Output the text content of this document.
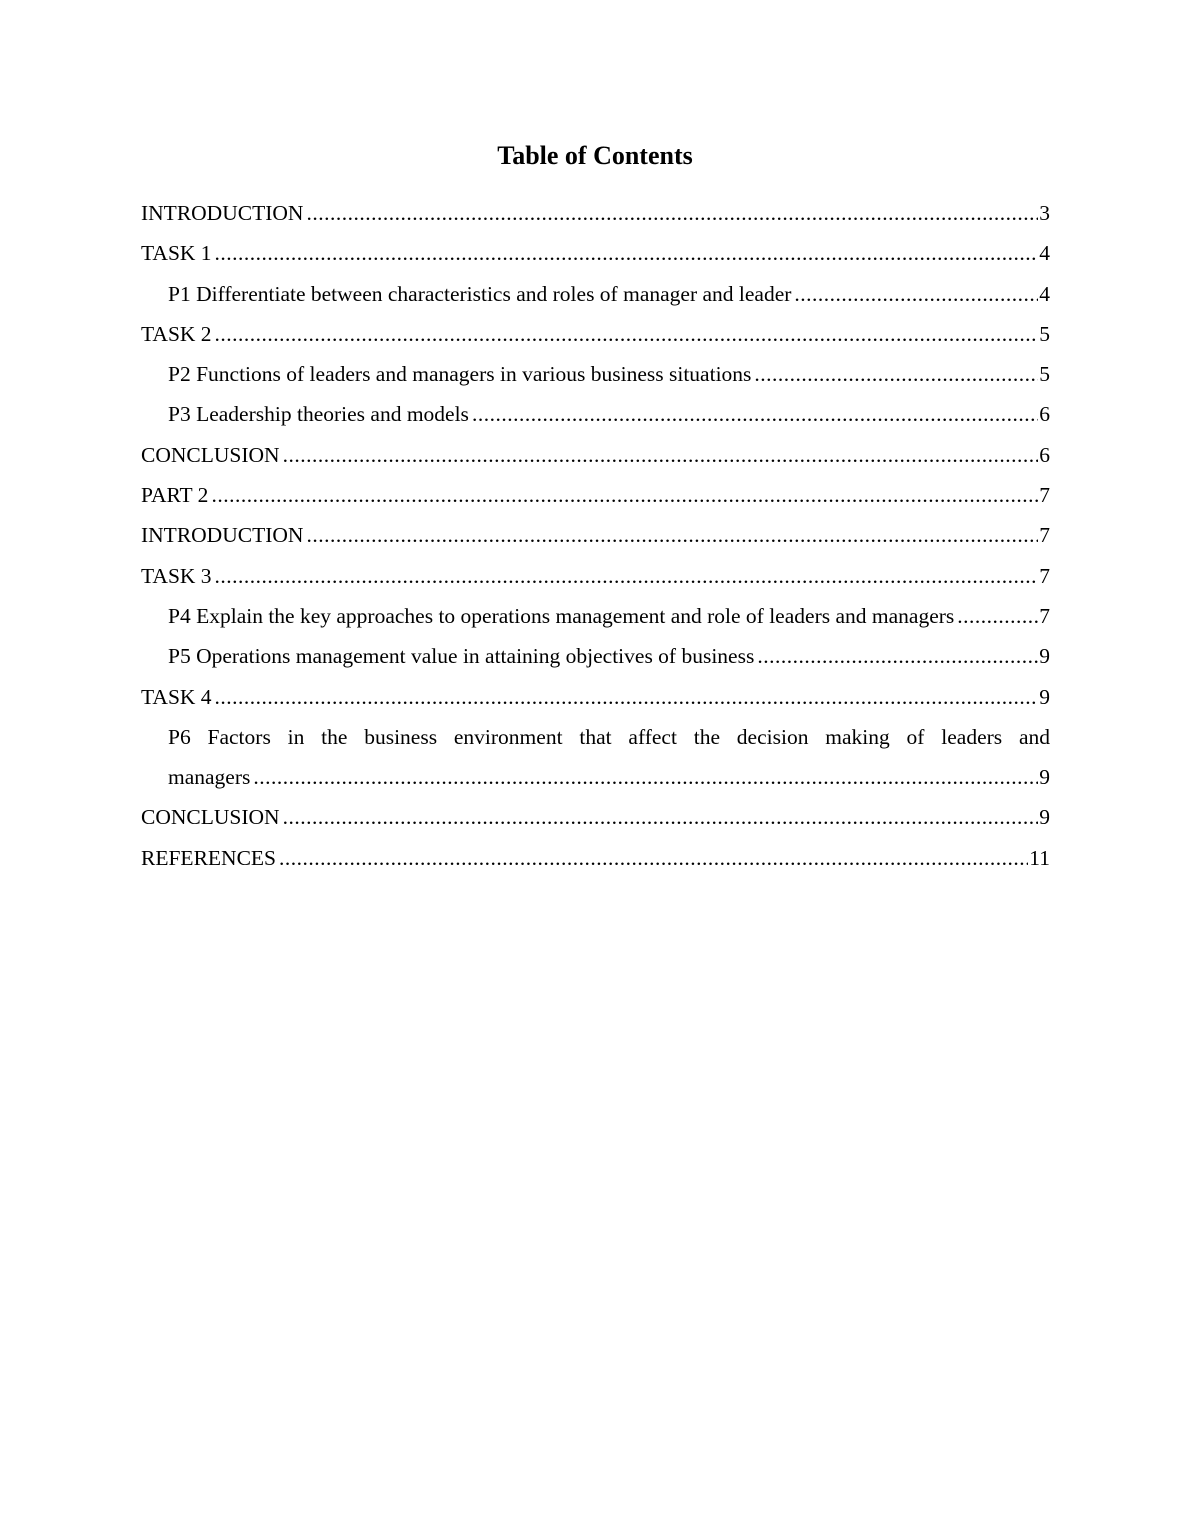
Table of Contents
INTRODUCTION .....	3
TASK 1 .....	4
P1 Differentiate between characteristics and roles of manager and leader .....	4
TASK 2 .....	5
P2 Functions of leaders and managers in various business situations .....	5
P3 Leadership theories and models .....	6
CONCLUSION .....	6
PART 2 .....	7
INTRODUCTION .....	7
TASK 3 .....	7
P4 Explain the key approaches to operations management and role of leaders and managers .....	7
P5 Operations management value in attaining objectives of business .....	9
TASK 4 .....	9
P6 Factors in the business environment that affect the decision making of leaders and
managers .....	9
CONCLUSION .....	9
REFERENCES .....	11
